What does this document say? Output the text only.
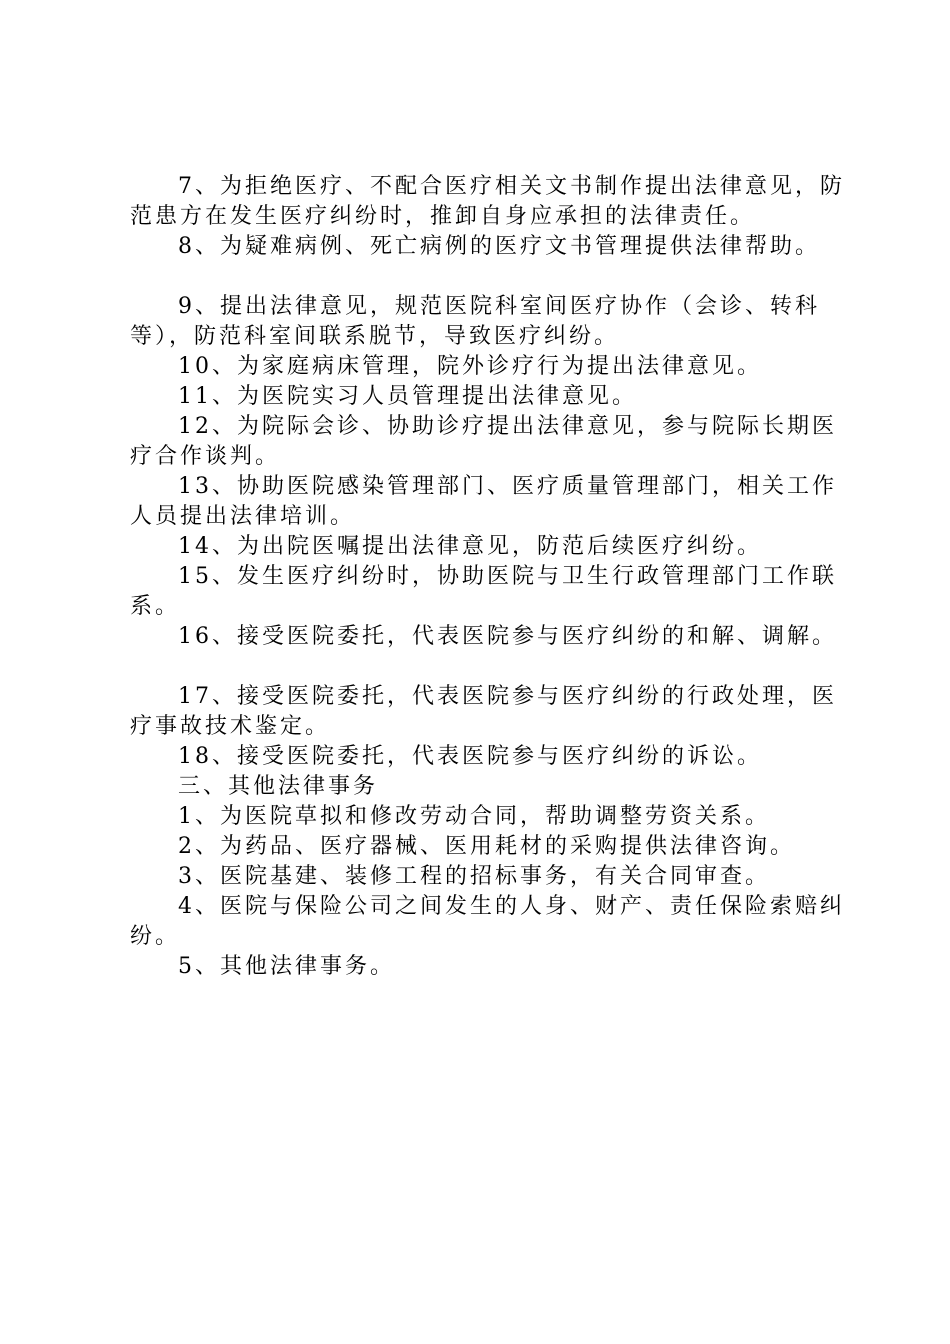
7、为拒绝医疗、不配合医疗相关文书制作提出法律意见，防范患方在发生医疗纠纷时，推卸自身应承担的法律责任。

8、为疑难病例、死亡病例的医疗文书管理提供法律帮助。

9、提出法律意见，规范医院科室间医疗协作（会诊、转科等），防范科室间联系脱节，导致医疗纠纷。

10、为家庭病床管理，院外诊疗行为提出法律意见。

11、为医院实习人员管理提出法律意见。

12、为院际会诊、协助诊疗提出法律意见，参与院际长期医疗合作谈判。

13、协助医院感染管理部门、医疗质量管理部门，相关工作人员提出法律培训。

14、为出院医嘱提出法律意见，防范后续医疗纠纷。

15、发生医疗纠纷时，协助医院与卫生行政管理部门工作联系。

16、接受医院委托，代表医院参与医疗纠纷的和解、调解。

17、接受医院委托，代表医院参与医疗纠纷的行政处理，医疗事故技术鉴定。

18、接受医院委托，代表医院参与医疗纠纷的诉讼。

三、其他法律事务

1、为医院草拟和修改劳动合同，帮助调整劳资关系。

2、为药品、医疗器械、医用耗材的采购提供法律咨询。

3、医院基建、装修工程的招标事务，有关合同审查。

4、医院与保险公司之间发生的人身、财产、责任保险索赔纠纷。

5、其他法律事务。
